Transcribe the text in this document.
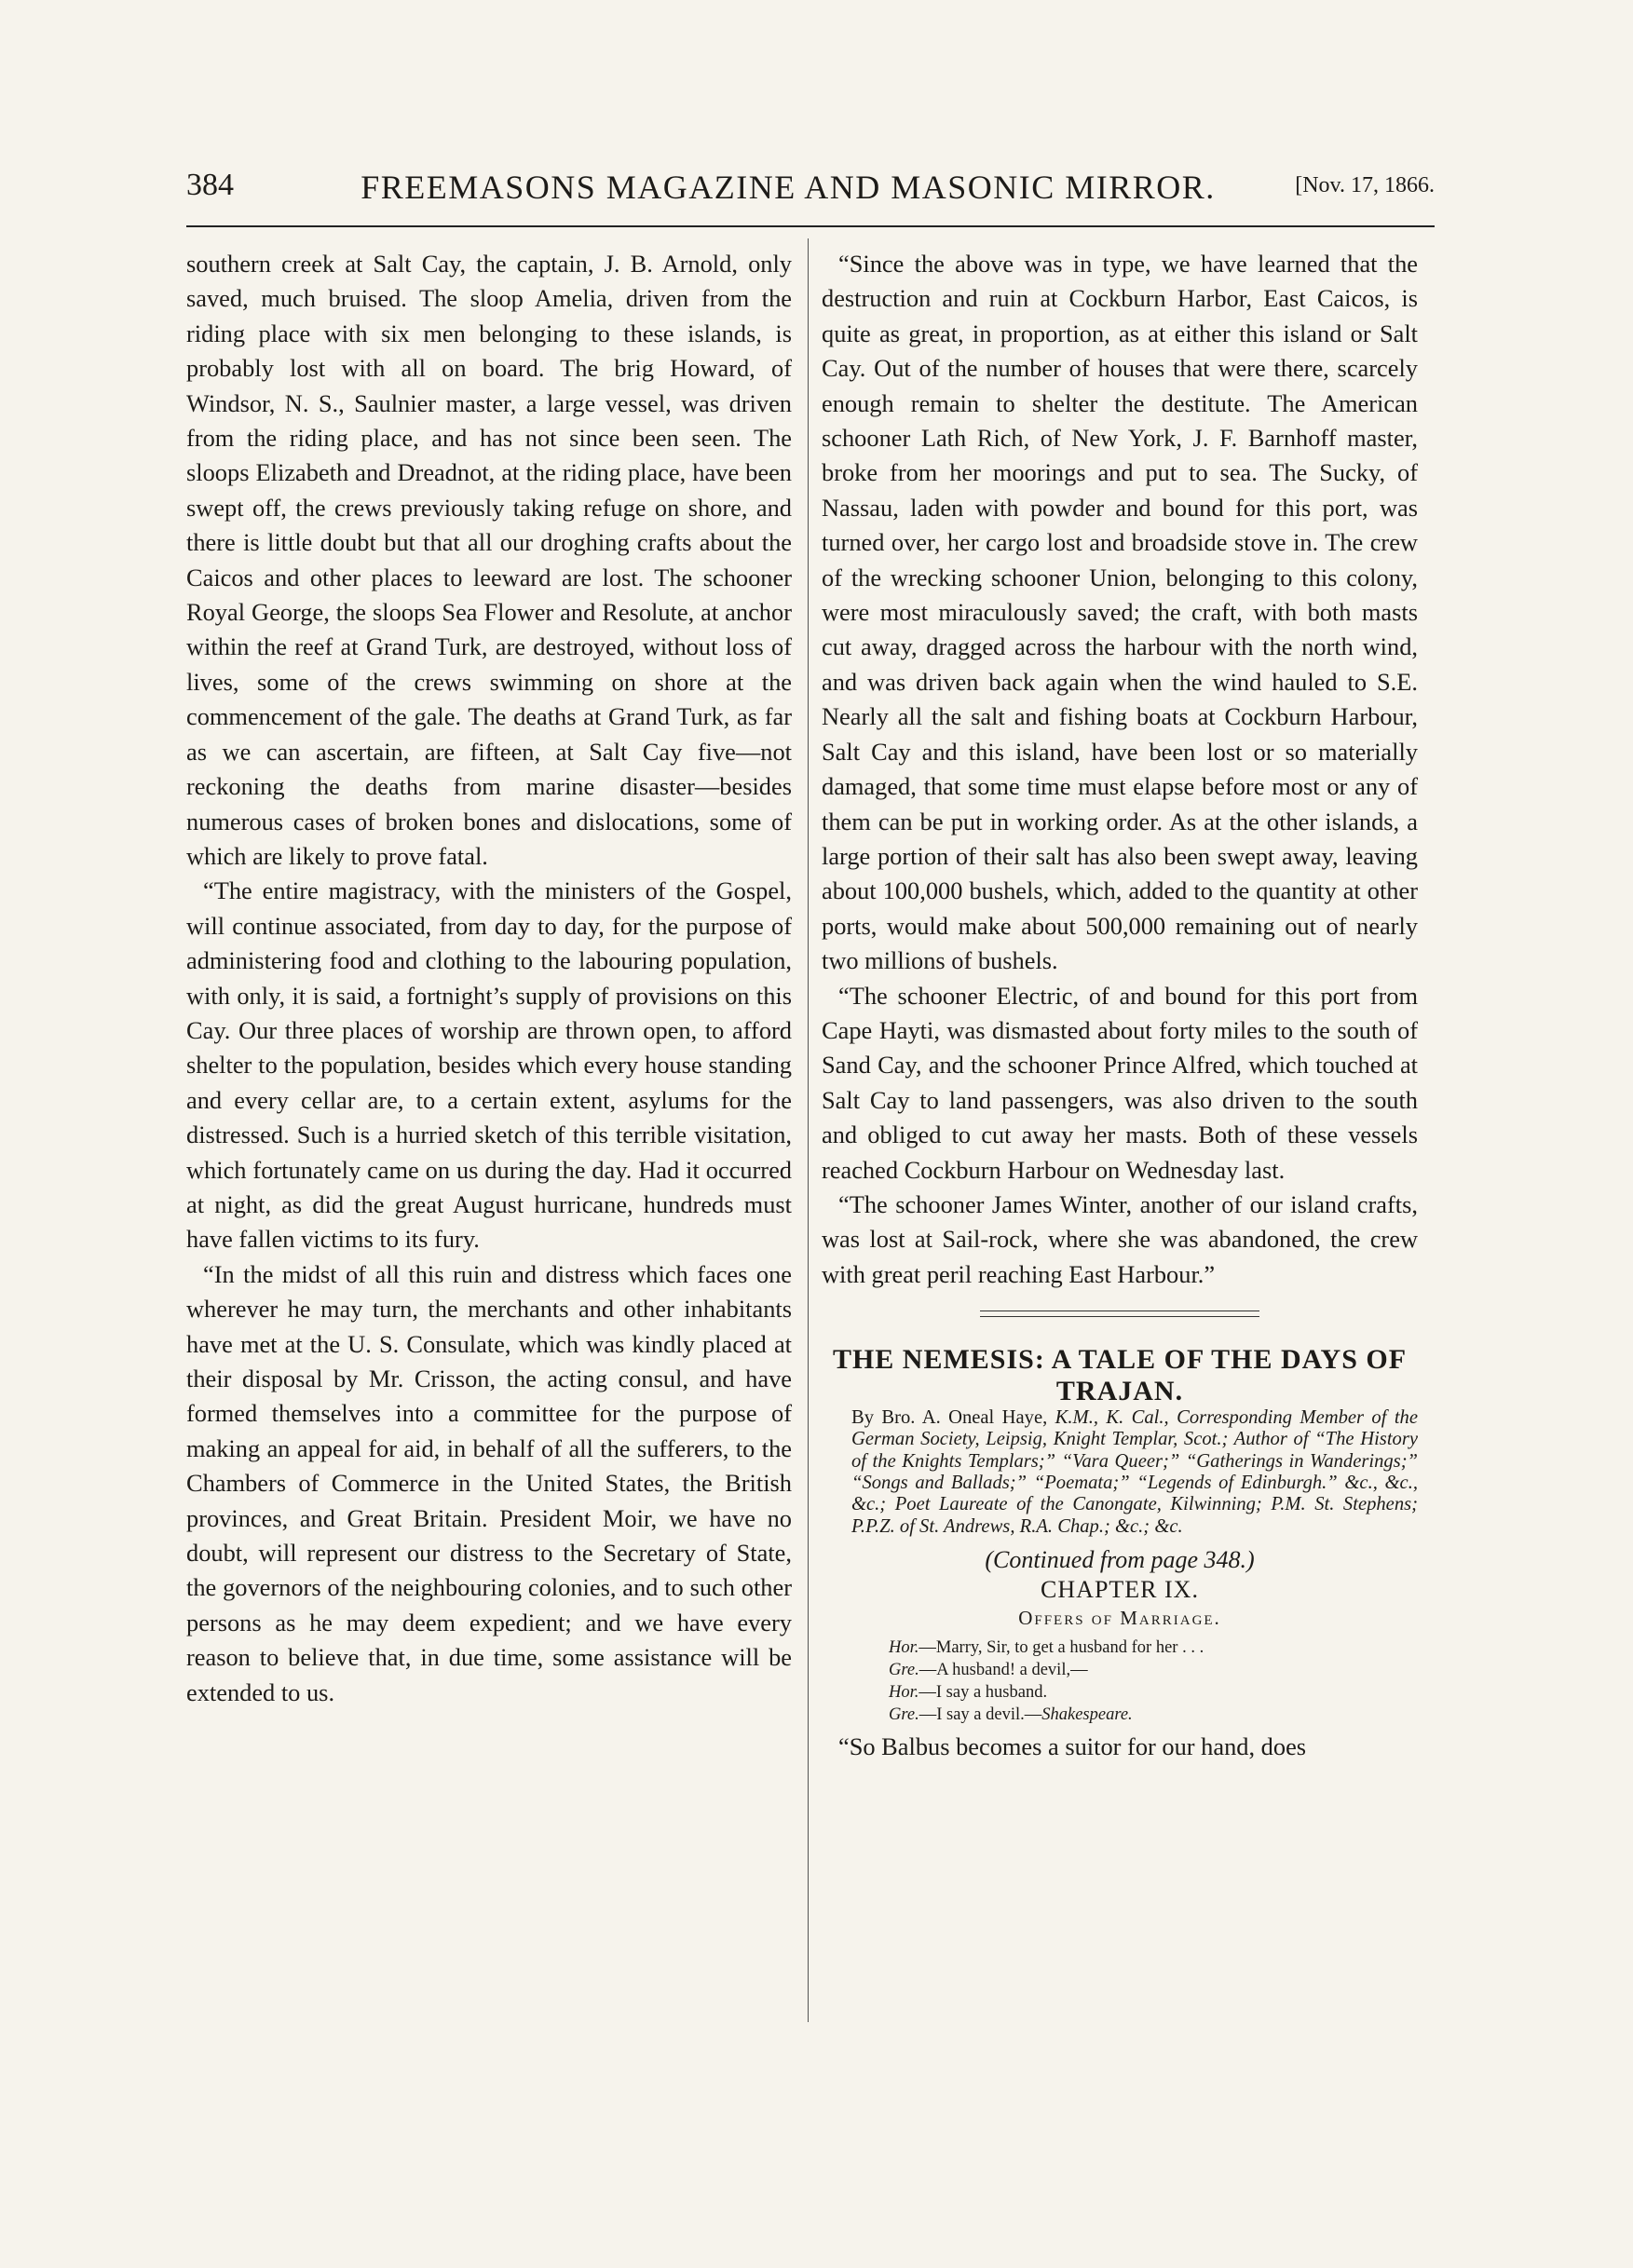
384	FREEMASONS MAGAZINE AND MASONIC MIRROR.	[Nov. 17, 1866.

southern creek at Salt Cay, the captain, J. B. Arnold, only saved, much bruised. The sloop Amelia, driven from the riding place with six men belonging to these islands, is probably lost with all on board. The brig Howard, of Windsor, N. S., Saulnier master, a large vessel, was driven from the riding place, and has not since been seen. The sloops Elizabeth and Dreadnot, at the riding place, have been swept off, the crews previously taking refuge on shore, and there is little doubt but that all our droghing crafts about the Caicos and other places to leeward are lost. The schooner Royal George, the sloops Sea Flower and Resolute, at anchor within the reef at Grand Turk, are destroyed, without loss of lives, some of the crews swimming on shore at the commencement of the gale. The deaths at Grand Turk, as far as we can ascertain, are fifteen, at Salt Cay five—not reckoning the deaths from marine disaster—besides numerous cases of broken bones and dislocations, some of which are likely to prove fatal.

“The entire magistracy, with the ministers of the Gospel, will continue associated, from day to day, for the purpose of administering food and clothing to the labouring population, with only, it is said, a fortnight’s supply of provisions on this Cay. Our three places of worship are thrown open, to afford shelter to the population, besides which every house standing and every cellar are, to a certain extent, asylums for the distressed. Such is a hurried sketch of this terrible visitation, which fortunately came on us during the day. Had it occurred at night, as did the great August hurricane, hundreds must have fallen victims to its fury.

“In the midst of all this ruin and distress which faces one wherever he may turn, the merchants and other inhabitants have met at the U. S. Consulate, which was kindly placed at their disposal by Mr. Crisson, the acting consul, and have formed themselves into a committee for the purpose of making an appeal for aid, in behalf of all the sufferers, to the Chambers of Commerce in the United States, the British provinces, and Great Britain. President Moir, we have no doubt, will represent our distress to the Secretary of State, the governors of the neighbouring colonies, and to such other persons as he may deem expedient; and we have every reason to believe that, in due time, some assistance will be extended to us.

“Since the above was in type, we have learned that the destruction and ruin at Cockburn Harbor, East Caicos, is quite as great, in proportion, as at either this island or Salt Cay. Out of the number of houses that were there, scarcely enough remain to shelter the destitute. The American schooner Lath Rich, of New York, J. F. Barnhoff master, broke from her moorings and put to sea. The Sucky, of Nassau, laden with powder and bound for this port, was turned over, her cargo lost and broadside stove in. The crew of the wrecking schooner Union, belonging to this colony, were most miraculously saved; the craft, with both masts cut away, dragged across the harbour with the north wind, and was driven back again when the wind hauled to S.E. Nearly all the salt and fishing boats at Cockburn Harbour, Salt Cay and this island, have been lost or so materially damaged, that some time must elapse before most or any of them can be put in working order. As at the other islands, a large portion of their salt has also been swept away, leaving about 100,000 bushels, which, added to the quantity at other ports, would make about 500,000 remaining out of nearly two millions of bushels.

“The schooner Electric, of and bound for this port from Cape Hayti, was dismasted about forty miles to the south of Sand Cay, and the schooner Prince Alfred, which touched at Salt Cay to land passengers, was also driven to the south and obliged to cut away her masts. Both of these vessels reached Cockburn Harbour on Wednesday last.

“The schooner James Winter, another of our island crafts, was lost at Sail-rock, where she was abandoned, the crew with great peril reaching East Harbour.”

THE NEMESIS: A TALE OF THE DAYS OF TRAJAN.

By Bro. A. Oneal Haye, K.M., K. Cal., Corresponding Member of the German Society, Leipsig, Knight Templar, Scot.; Author of “The History of the Knights Templars;” “Vara Queer;” “Gatherings in Wanderings;” “Songs and Ballads;” “Poemata;” “Legends of Edinburgh.” &c., &c., &c.; Poet Laureate of the Canongate, Kilwinning; P.M. St. Stephens; P.P.Z. of St. Andrews, R.A. Chap.; &c.; &c.

(Continued from page 348.)
CHAPTER IX.
Offers of Marriage.
Hor.—Marry, Sir, to get a husband for her . . .
Gre.—A husband! a devil,—
Hor.—I say a husband.
Gre.—I say a devil.—Shakespeare.

“So Balbus becomes a suitor for our hand, does
